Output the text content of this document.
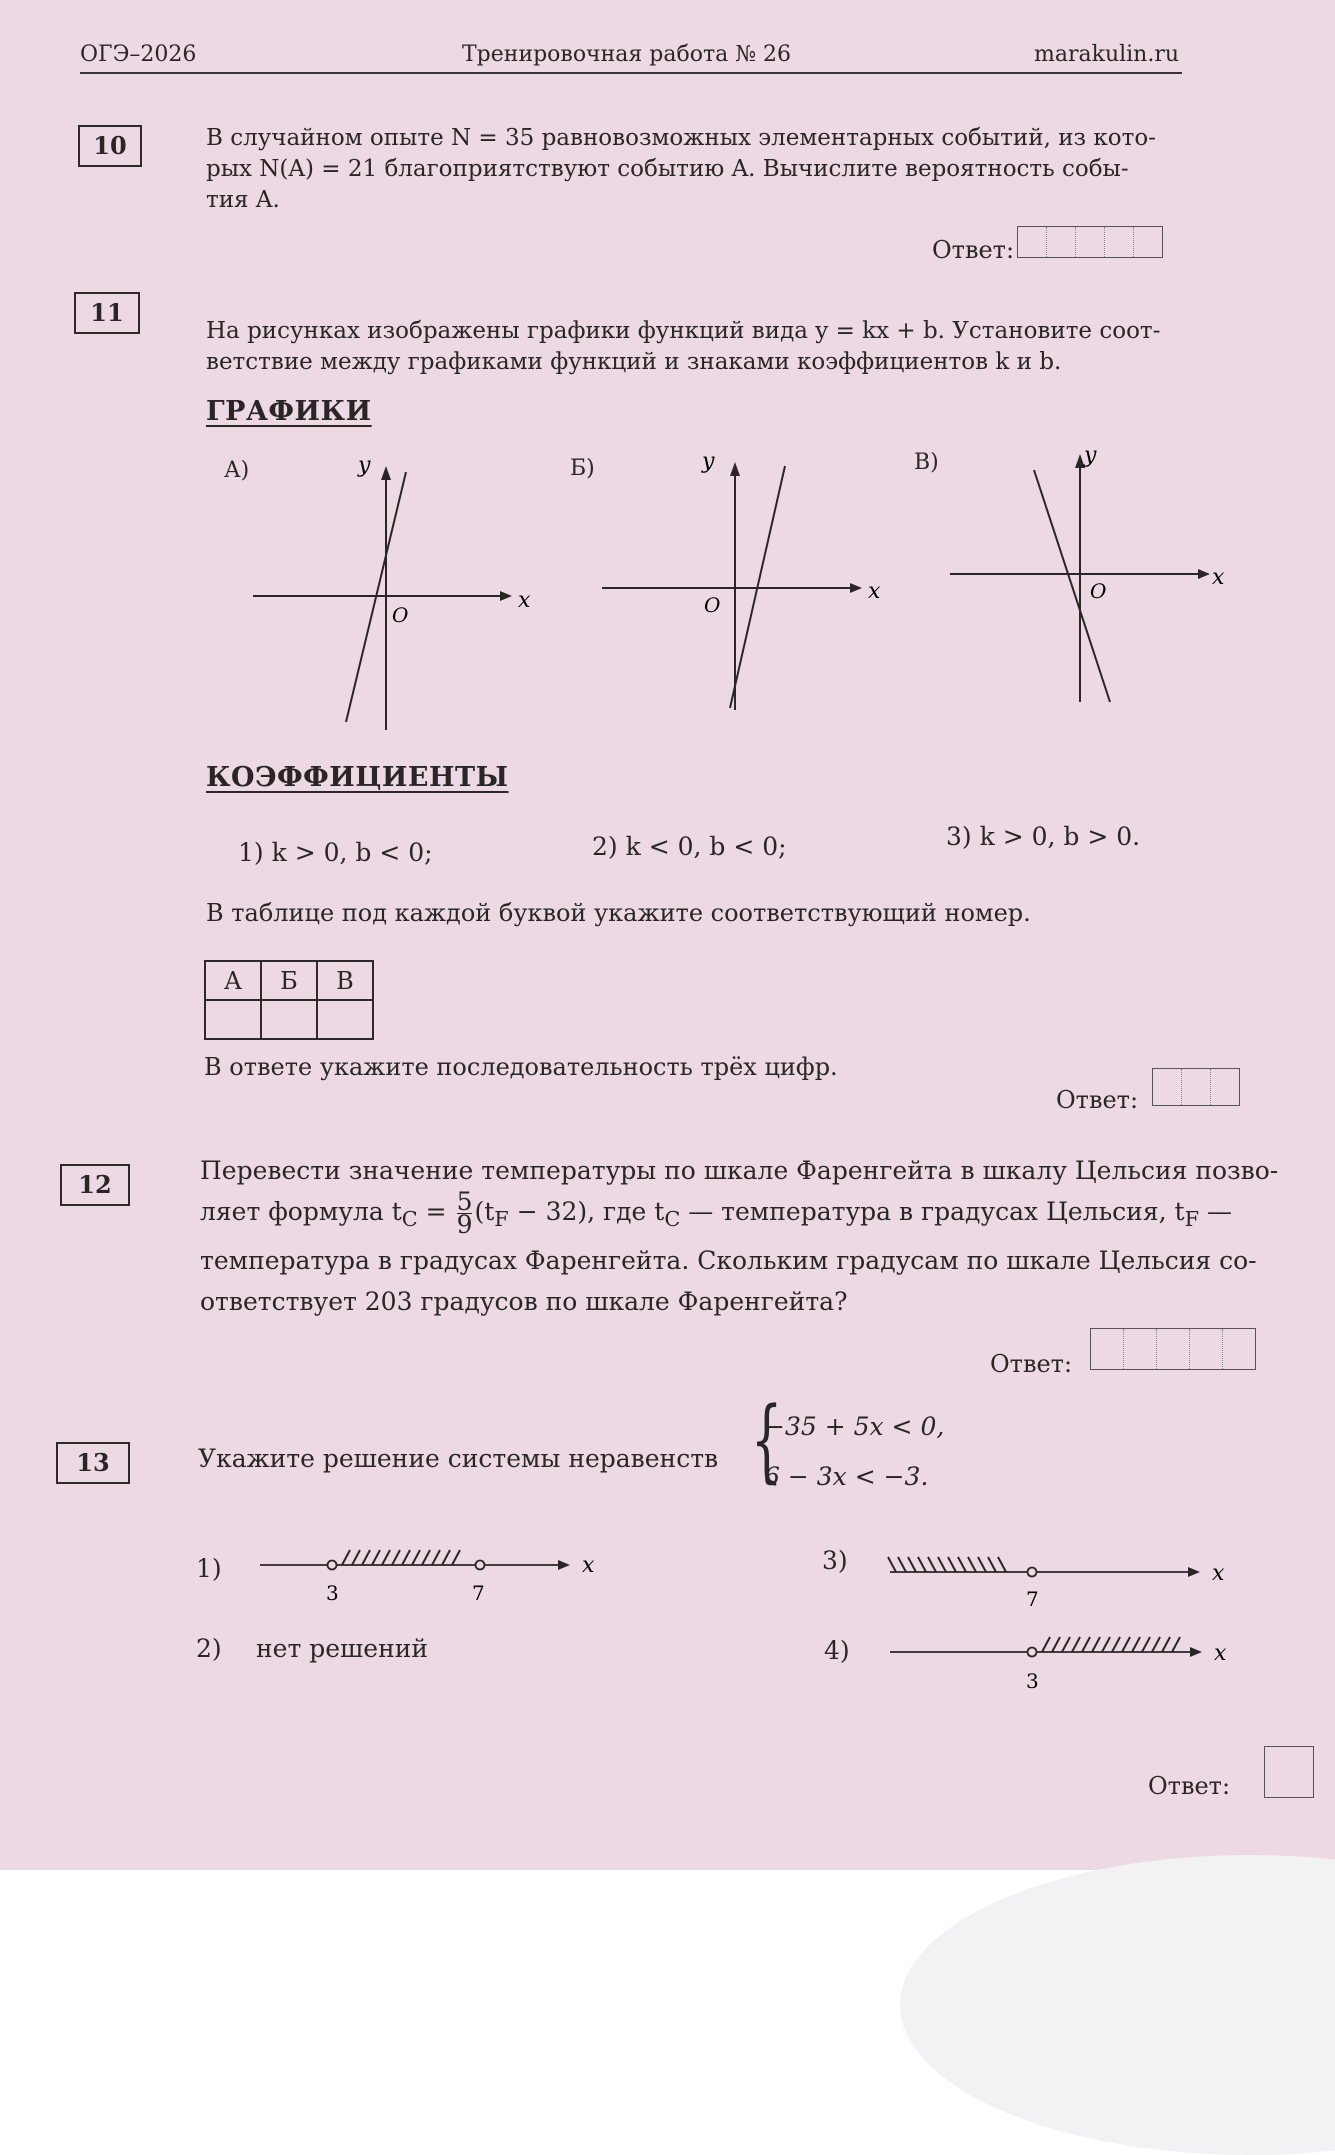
ОГЭ–2026	Тренировочная работа № 26	marakulin.ru
10	В случайном опыте N = 35 равновозможных элементарных событий, из кото-

рых N(A) = 21 благоприятствуют событию A. Вычислите вероятность собы-

тия A.

Ответ:
11

На рисунках изображены графики функций вида y = kx + b. Установите соот-

ветствие между графиками функций и знаками коэффициентов k и b.

ГРАФИКИ
А)
O
x
y	Б)
O
x
y	В)
O
x
y
КОЭФФИЦИЕНТЫ
1) k > 0, b < 0;	2) k < 0, b < 0;	3) k > 0, b > 0.
В таблице под каждой буквой укажите соответствующий номер.
А	Б	В

В ответе укажите последовательность трёх цифр.
Ответ:
12	Перевести значение температуры по шкале Фаренгейта в шкалу Цельсия позво-

ляет формула $t_C = \frac{5}{9} (t_F - 32)$, где $t_C$ — температура в градусах Цельсия, $t_F$ —

температура в градусах Фаренгейта. Скольким градусам по шкале Цельсия со-

ответствует 203 градусов по шкале Фаренгейта?

Ответ:
13	Укажите решение системы неравенств {
−35 + 5x < 0,
6 − 3x < −3.
1)
3	7
x
2) нет решений
3)
7
x
4)
3
x
Ответ:
